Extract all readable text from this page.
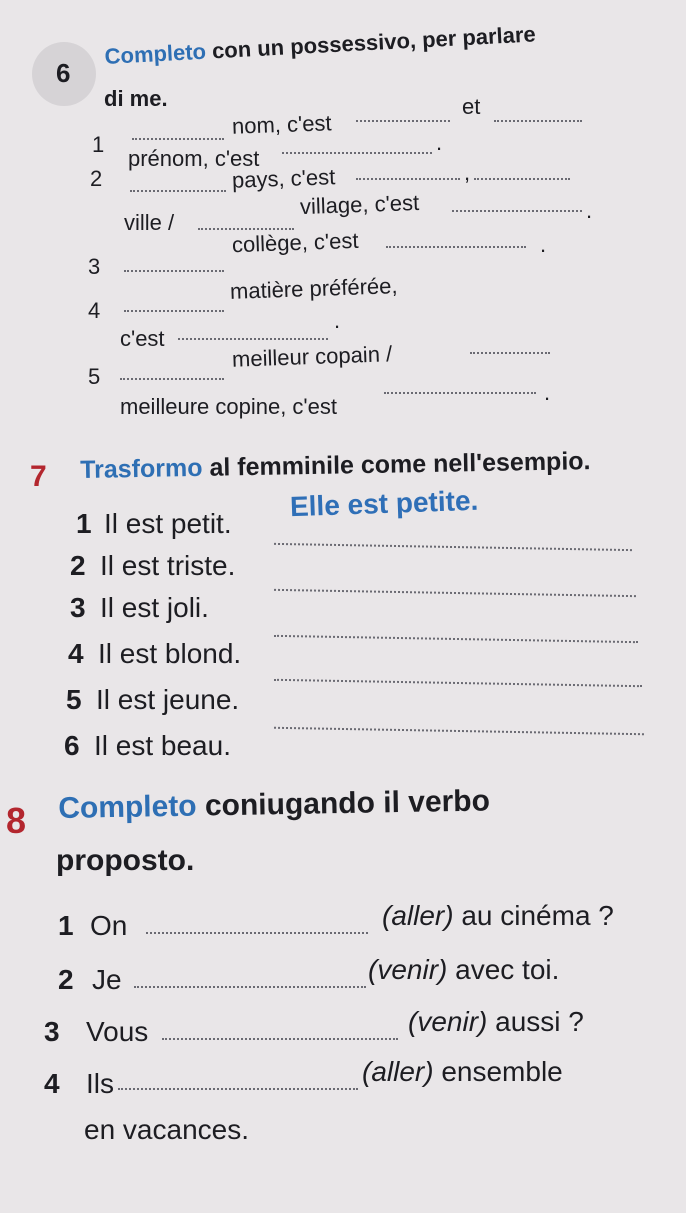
6
Completo con un possessivo, per parlare
di me.
1
nom, c'est
et
prénom, c'est
.
2	pays, c'est	,
ville /
village, c'est	.
3
collège, c'est	.
4
matière préférée,
c'est
.
5
meilleur copain /
meilleure copine, c'est
.
7 Trasformo al femminile come nell'esempio.
1 Il est petit.
Elle est petite.
2 Il est triste.
3 Il est joli.
4 Il est blond.
5 Il est jeune.
6 Il est beau.
8 Completo coniugando il verbo
proposto.
1 On	(aller) au cinéma ?
2 Je	(venir) avec toi.
3 Vous	(venir) aussi ?
4 Ils	(aller) ensemble
en vacances.
